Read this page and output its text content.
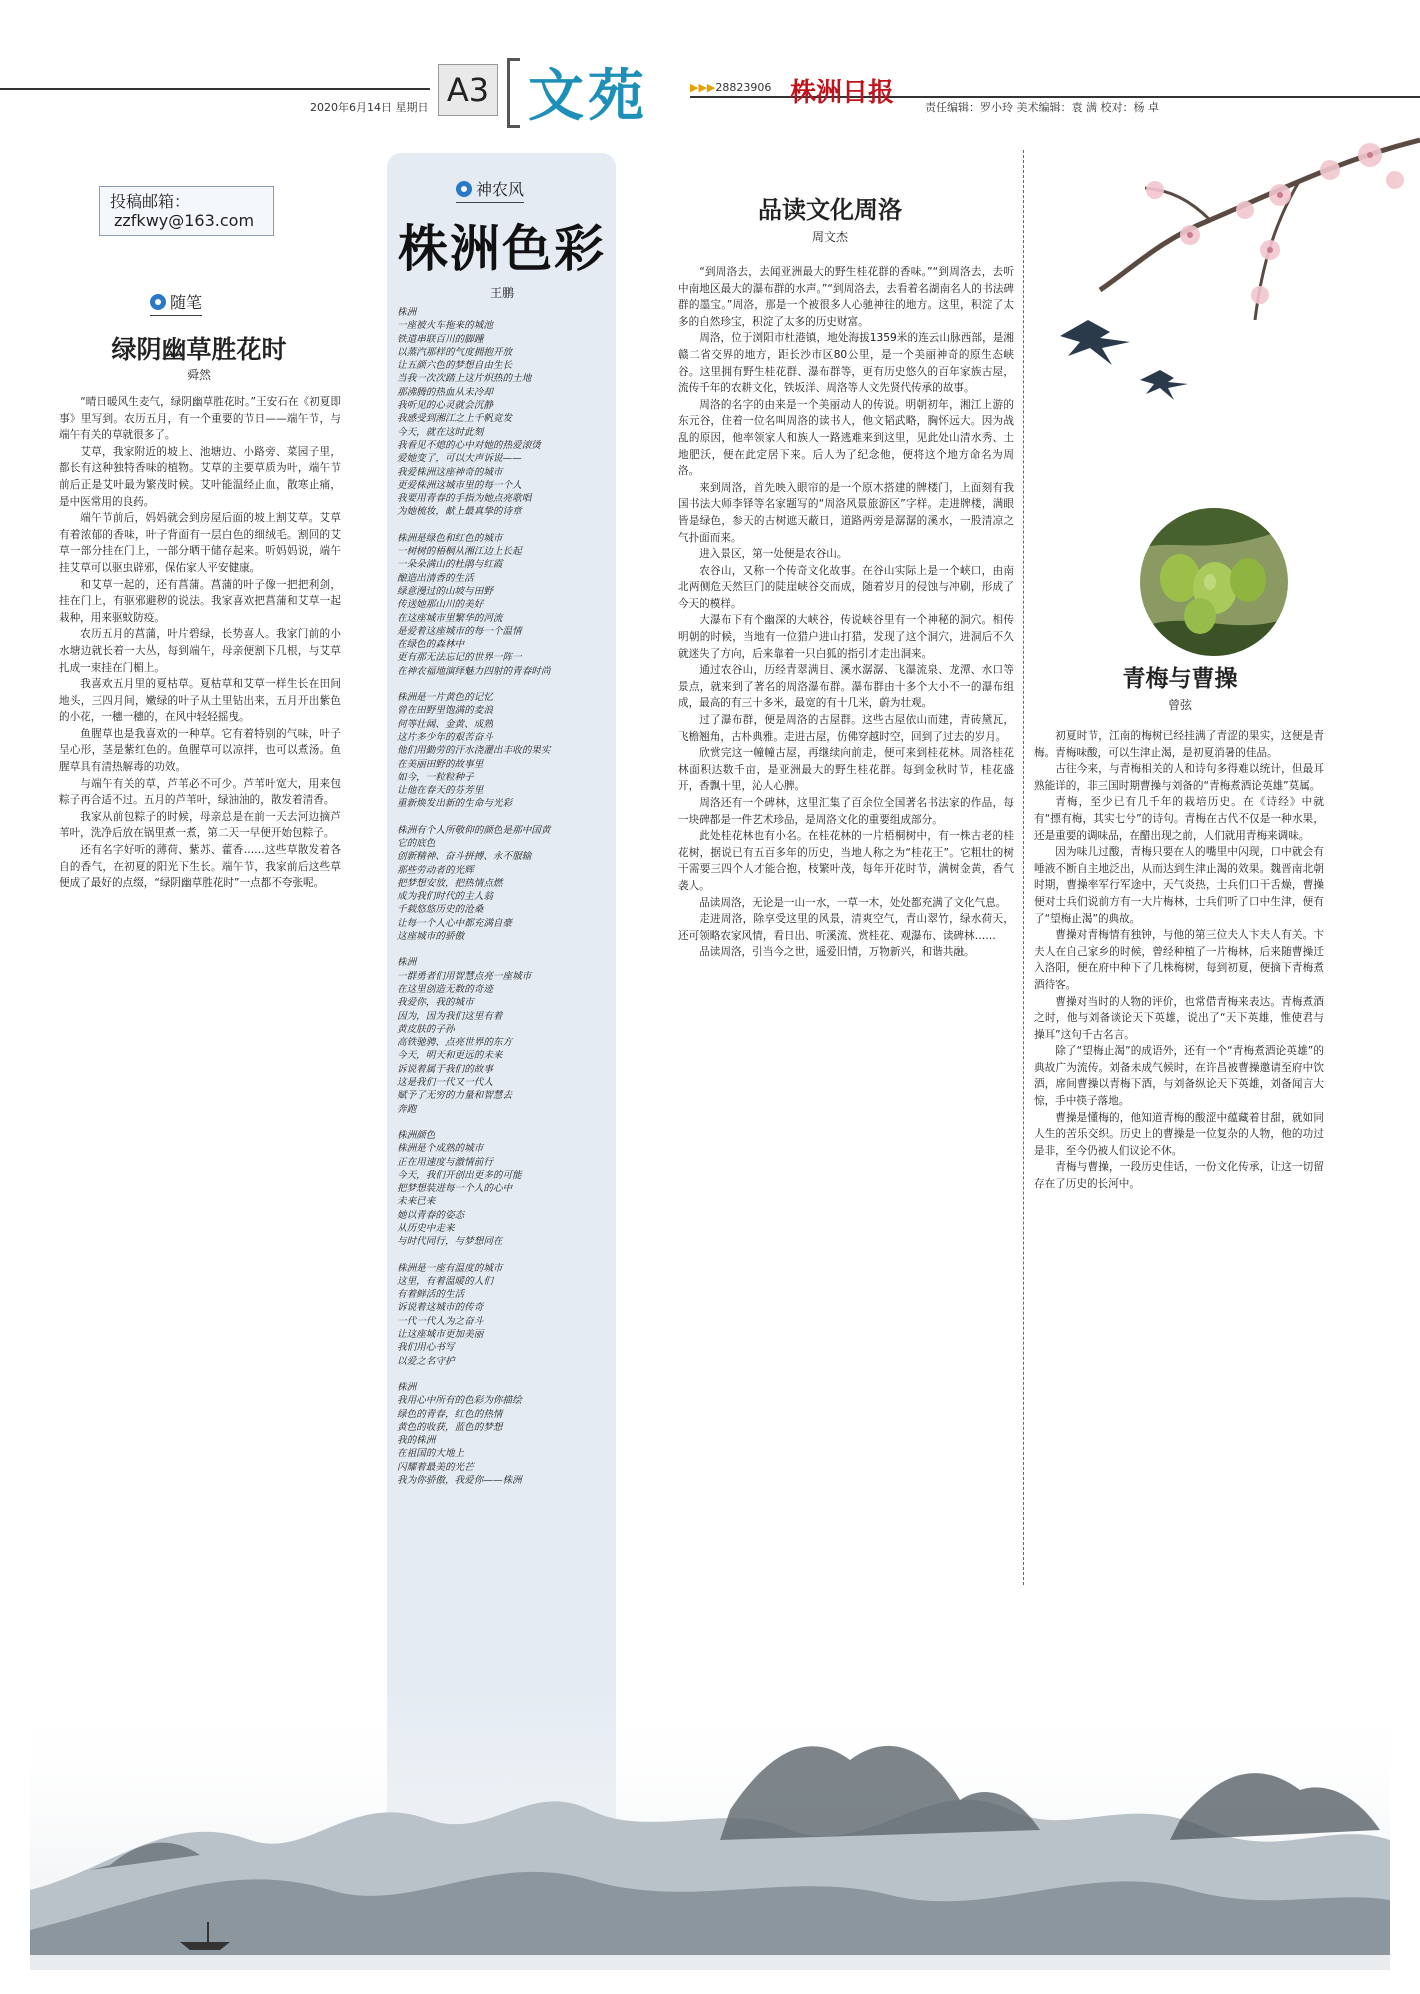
2020年6月14日 星期日 A3 文苑	▶▶▶28823906 株洲日报	责任编辑：罗小玲 美术编辑：袁 满 校对：杨 卓
投稿邮箱：
zzfkwy@163.com
随笔
绿阴幽草胜花时
舜然

“晴日暖风生麦气，绿阴幽草胜花时。”王安石在《初夏即事》里写到。农历五月，有一个重要的节日——端午节，与端午有关的草就很多了。

艾草，我家附近的坡上、池塘边、小路旁、菜园子里，都长有这种独特香味的植物。艾草的主要草质为叶，端午节前后正是艾叶最为繁茂时候。艾叶能温经止血，散寒止痛，是中医常用的良药。

端午节前后，妈妈就会到房屋后面的坡上割艾草。艾草有着浓郁的香味，叶子背面有一层白色的细绒毛。割回的艾草一部分挂在门上，一部分晒干储存起来。听妈妈说，端午挂艾草可以驱虫辟邪，保佑家人平安健康。

和艾草一起的，还有菖蒲。菖蒲的叶子像一把把利剑，挂在门上，有驱邪避秽的说法。我家喜欢把菖蒲和艾草一起栽种，用来驱蚊防疫。

农历五月的菖蒲，叶片碧绿，长势喜人。我家门前的小水塘边就长着一大丛，每到端午，母亲便割下几根，与艾草扎成一束挂在门楣上。

我喜欢五月里的夏枯草。夏枯草和艾草一样生长在田间地头，三四月间，嫩绿的叶子从土里钻出来，五月开出紫色的小花，一穗一穗的，在风中轻轻摇曳。

鱼腥草也是我喜欢的一种草。它有着特别的气味，叶子呈心形，茎是紫红色的。鱼腥草可以凉拌，也可以煮汤。鱼腥草具有清热解毒的功效。

与端午有关的草，芦苇必不可少。芦苇叶宽大，用来包粽子再合适不过。五月的芦苇叶，绿油油的，散发着清香。

我家从前包粽子的时候，母亲总是在前一天去河边摘芦苇叶，洗净后放在锅里煮一煮，第二天一早便开始包粽子。

还有名字好听的薄荷、紫苏、藿香……这些草散发着各自的香气，在初夏的阳光下生长。端午节，我家前后这些草便成了最好的点缀，“绿阴幽草胜花时”一点都不夸张呢。

神农风
株洲色彩
王鹏
株洲
一座被火车拖来的城池
铁道串联百川的脚踵
以蒸汽那样的气度拥抱开放
让五颜六色的梦想自由生长
当我一次次踏上这片炽热的土地
那沸腾的热血从未冷却
我听见的心灵就会沉静
我感受到湘江之上千帆竞发
今天，就在这时此刻
我看见不熄的心中对她的热爱滚烫
爱她变了，可以大声诉说——
我爱株洲这座神奇的城市
更爱株洲这城市里的每一个人
我要用青春的手指为她点亮歌唱
为她梳妆，献上最真挚的诗章
株洲是绿色和红色的城市
一树树的梧桐从湘江边上长起
一朵朵满山的杜鹃与红霞
酿造出清香的生活
绿意漫过的山坡与田野
传送她那山川的美好
在这座城市里繁华的河流
是爱着这座城市的每一个温情
在绿色的森林中
更有那无法忘记的世界一阵一
在神农福地演绎魅力四射的青春时尚
株洲是一片黄色的记忆
曾在田野里饱满的麦浪
何等壮阔、金黄、成熟
这片多少年的艰苦奋斗
他们用勤劳的汗水浇灌出丰收的果实
在美丽田野的故事里
如今，一粒粒种子
让他在春天的芬芳里
重新焕发出新的生命与光彩
株洲有个人所敬仰的颜色是那中国黄
它的底色
创新精神、奋斗拼搏、永不服输
那些劳动者的光辉
把梦想安放，把热情点燃
成为我们时代的主人翁
千载悠悠历史的沧桑
让每一个人心中都充满自豪
这座城市的骄傲
株洲
一群勇者们用智慧点亮一座城市
在这里创造无数的奇迹
我爱你，我的城市
因为，因为我们这里有着
黄皮肤的子孙
高铁驰骋、点亮世界的东方
今天，明天和更远的未来
诉说着属于我们的故事
这是我们一代又一代人
赋予了无穷的力量和智慧去
奔跑
株洲颜色
株洲是个成熟的城市
正在用速度与激情前行
今天，我们开创出更多的可能
把梦想装进每一个人的心中
未来已来
她以青春的姿态
从历史中走来
与时代同行，与梦想同在
株洲是一座有温度的城市
这里，有着温暖的人们
有着鲜活的生活
诉说着这城市的传奇
一代一代人为之奋斗
让这座城市更加美丽
我们用心书写
以爱之名守护
株洲
我用心中所有的色彩为你描绘
绿色的青春，红色的热情
黄色的收获，蓝色的梦想
我的株洲
在祖国的大地上
闪耀着最美的光芒
我为你骄傲，我爱你——株洲
品读文化周洛
周文杰

“到周洛去，去闻亚洲最大的野生桂花群的香味。”“到周洛去，去听中南地区最大的瀑布群的水声。”“到周洛去，去看着名湖南名人的书法碑群的墨宝。”周洛，那是一个被很多人心驰神往的地方。这里，积淀了太多的自然珍宝，积淀了太多的历史财富。

周洛，位于浏阳市杜港镇，地处海拔1359米的连云山脉西部，是湘赣二省交界的地方，距长沙市区80公里，是一个美丽神奇的原生态峡谷。这里拥有野生桂花群、瀑布群等，更有历史悠久的百年家族古屋，流传千年的农耕文化，铁坂洋、周洛等人文先贤代传承的故事。

周洛的名字的由来是一个美丽动人的传说。明朝初年，湘江上游的东元谷，住着一位名叫周洛的读书人，他文韬武略，胸怀远大。因为战乱的原因，他率领家人和族人一路逃难来到这里，见此处山清水秀、土地肥沃，便在此定居下来。后人为了纪念他，便将这个地方命名为周洛。

来到周洛，首先映入眼帘的是一个原木搭建的牌楼门，上面刻有我国书法大师李铎等名家题写的“周洛风景旅游区”字样。走进牌楼，满眼皆是绿色，参天的古树遮天蔽日，道路两旁是潺潺的溪水，一股清凉之气扑面而来。

进入景区，第一处便是农谷山。

农谷山，又称一个传奇文化故事。在谷山实际上是一个峡口，由南北两侧危天然巨门的陡崖峡谷交而成，随着岁月的侵蚀与冲刷，形成了今天的模样。

大瀑布下有个幽深的大峡谷，传说峡谷里有一个神秘的洞穴。相传明朝的时候，当地有一位猎户进山打猎，发现了这个洞穴，进洞后不久就迷失了方向，后来靠着一只白狐的指引才走出洞来。

通过农谷山，历经青翠满目、溪水潺潺、飞瀑流泉、龙潭、水口等景点，就来到了著名的周洛瀑布群。瀑布群由十多个大小不一的瀑布组成，最高的有三十多米，最宽的有十几米，蔚为壮观。

过了瀑布群，便是周洛的古屋群。这些古屋依山而建，青砖黛瓦，飞檐翘角，古朴典雅。走进古屋，仿佛穿越时空，回到了过去的岁月。

欣赏完这一幢幢古屋，再继续向前走，便可来到桂花林。周洛桂花林面积达数千亩，是亚洲最大的野生桂花群。每到金秋时节，桂花盛开，香飘十里，沁人心脾。

周洛还有一个碑林，这里汇集了百余位全国著名书法家的作品，每一块碑都是一件艺术珍品，是周洛文化的重要组成部分。

此处桂花林也有小名。在桂花林的一片梧桐树中，有一株古老的桂花树，据说已有五百多年的历史，当地人称之为“桂花王”。它粗壮的树干需要三四个人才能合抱，枝繁叶茂，每年开花时节，满树金黄，香气袭人。

品读周洛，无论是一山一水，一草一木，处处都充满了文化气息。

走进周洛，除享受这里的风景，清爽空气，青山翠竹，绿水荷天，还可领略农家风情，看日出、听溪流、赏桂花、观瀑布、读碑林……

品读周洛，引当今之世，遥爱旧情，万物新兴，和谐共融。

青梅与曹操
曾弦

初夏时节，江南的梅树已经挂满了青涩的果实，这便是青梅。青梅味酸，可以生津止渴，是初夏消暑的佳品。

古往今来，与青梅相关的人和诗句多得难以统计，但最耳熟能详的，非三国时期曹操与刘备的“青梅煮酒论英雄”莫属。

青梅，至少已有几千年的栽培历史。在《诗经》中就有“摽有梅，其实七兮”的诗句。青梅在古代不仅是一种水果，还是重要的调味品，在醋出现之前，人们就用青梅来调味。

因为味儿过酸，青梅只要在人的嘴里中闪现，口中就会有唾液不断自主地泛出，从而达到生津止渴的效果。魏晋南北朝时期，曹操率军行军途中，天气炎热，士兵们口干舌燥，曹操便对士兵们说前方有一大片梅林，士兵们听了口中生津，便有了“望梅止渴”的典故。

曹操对青梅情有独钟，与他的第三位夫人卞夫人有关。卞夫人在自己家乡的时候，曾经种植了一片梅林，后来随曹操迁入洛阳，便在府中种下了几株梅树，每到初夏，便摘下青梅煮酒待客。

曹操对当时的人物的评价，也常借青梅来表达。青梅煮酒之时，他与刘备谈论天下英雄，说出了“天下英雄，惟使君与操耳”这句千古名言。

除了“望梅止渴”的成语外，还有一个“青梅煮酒论英雄”的典故广为流传。刘备未成气候时，在许昌被曹操邀请至府中饮酒，席间曹操以青梅下酒，与刘备纵论天下英雄，刘备闻言大惊，手中筷子落地。

曹操是懂梅的，他知道青梅的酸涩中蕴藏着甘甜，就如同人生的苦乐交织。历史上的曹操是一位复杂的人物，他的功过是非，至今仍被人们议论不休。

青梅与曹操，一段历史佳话，一份文化传承，让这一切留存在了历史的长河中。
